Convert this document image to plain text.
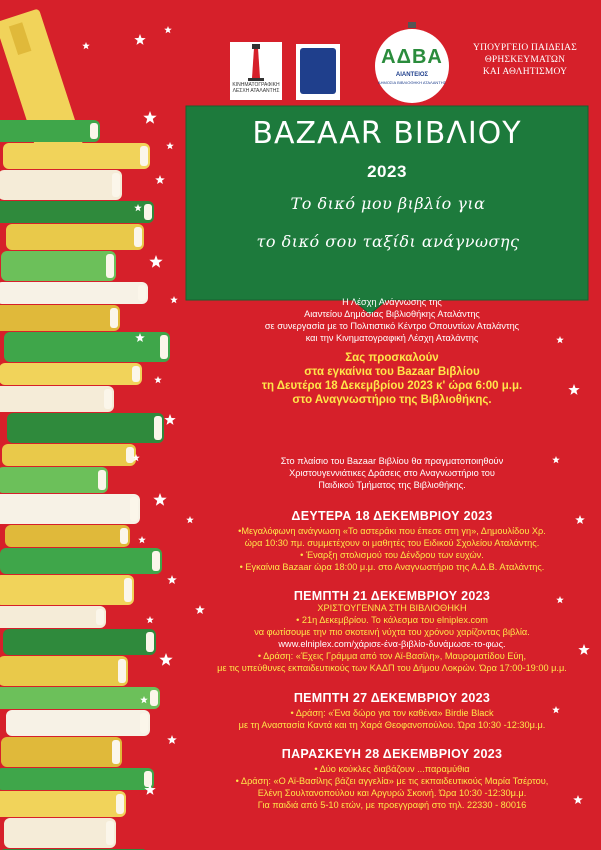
ΚΙΝΗΜΑΤΟΓΡΑΦΙΚΗ
ΛΕΣΧΗ ΑΤΑΛΑΝΤΗΣ
ΑΔΒΑ
ΑΙΑΝΤΕΙΟΣ
ΔΗΜΟΣΙΑ ΒΙΒΛΙΟΘΗΚΗ ΑΤΑΛΑΝΤΗΣ
ΥΠΟΥΡΓΕΙΟ ΠΑΙΔΕΙΑΣ
ΘΡΗΣΚΕΥΜΑΤΩΝ
ΚΑΙ ΑΘΛΗΤΙΣΜΟΥ
BAZAAR ΒΙΒΛΙΟΥ
2023
Το δικό μου βιβλίο για
το δικό σου ταξίδι ανάγνωσης
Η Λέσχη Ανάγνωσης της
Αιαντείου Δημόσιας Βιβλιοθήκης Αταλάντης
σε συνεργασία με το Πολιτιστικό Κέντρο Οπουντίων Αταλάντης
και την Κινηματογραφική Λέσχη Αταλάντης
Σας προσκαλούν
στα εγκαίνια του Bazaar Βιβλίου
τη Δευτέρα 18 Δεκεμβρίου 2023 κ' ώρα 6:00 μ.μ.
στο Αναγνωστήριο της Βιβλιοθήκης.
Στο πλαίσιο του Bazaar Βιβλίου θα πραγματοποιηθούν
Χριστουγεννιάτικες Δράσεις στο Αναγνωστήριο του
Παιδικού Τμήματος της Βιβλιοθήκης.
ΔΕΥΤΕΡΑ 18 ΔΕΚΕΜΒΡΙΟΥ 2023
•Μεγαλόφωνη ανάγνωση «Το αστεράκι που έπεσε στη γη», Δημουλίδου Χρ.
ώρα 10:30 πμ. συμμετέχουν οι μαθητές του Ειδικού Σχολείου Αταλάντης.
• Έναρξη στολισμού του Δένδρου των ευχών.
• Εγκαίνια Bazaar ώρα 18:00 μ.μ. στο Αναγνωστήριο της Α.Δ.Β. Αταλάντης.
ΠΕΜΠΤΗ 21 ΔΕΚΕΜΒΡΙΟΥ 2023
ΧΡΙΣΤΟΥΓΕΝΝΑ ΣΤΗ ΒΙΒΛΙΟΘΗΚΗ
• 21η Δεκεμβρίου. Το κάλεσμα του elniplex.com
να φωτίσουμε την πιο σκοτεινή νύχτα του χρόνου χαρίζοντας βιβλία.
www.elniplex.com/χάρισε-ένα-βιβλίο-δυνάμωσε-το-φως.
• Δράση: «Έχεις Γράμμα από τον Αϊ-Βασίλη», Μαυροματίδου Εύη,
με τις υπεύθυνες εκπαιδευτικούς των ΚΑΔΠ του Δήμου Λοκρών. Ώρα 17:00-19:00 μ.μ.
ΠΕΜΠΤΗ 27 ΔΕΚΕΜΒΡΙΟΥ 2023
• Δράση: «Ένα δώρο για τον καθένα» Birdie Black
με τη Αναστασία Καντά και τη Χαρά Θεοφανοπούλου. Ώρα 10:30 -12:30μ.μ.
ΠΑΡΑΣΚΕΥΗ 28 ΔΕΚΕΜΒΡΙΟΥ 2023
• Δύο κούκλες διαβάζουν ...παραμύθια
• Δράση: «Ο Αϊ-Βασίλης βάζει αγγελία» με τις εκπαιδευτικούς Μαρία Τσέρτου,
Ελένη Σουλτανοπούλου και Αργυρώ Σκοινή. Ώρα 10:30 -12:30μ.μ.
Για παιδιά από 5-10 ετών, με προεγγραφή στο τηλ. 22330 - 80016
